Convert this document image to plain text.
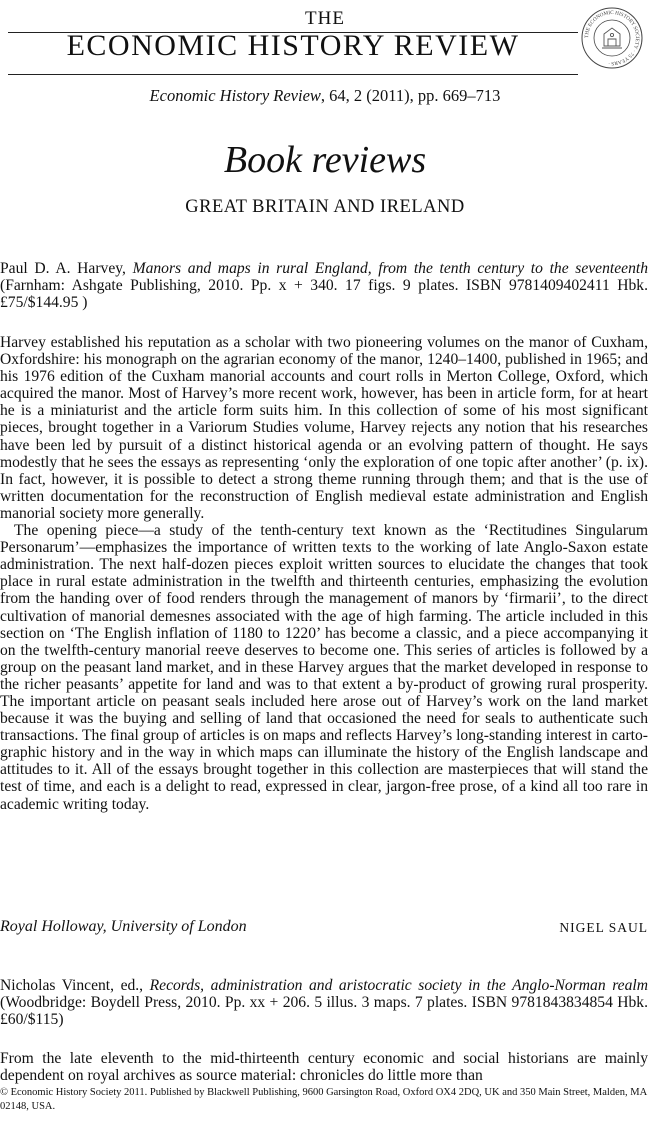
THE
ECONOMIC HISTORY REVIEW	THE ECONOMIC HISTORY SOCIETY · 75 YEARS ·
Economic History Review, 64, 2 (2011), pp. 669–713
Book reviews
GREAT BRITAIN AND IRELAND
Paul D. A. Harvey, Manors and maps in rural England, from the tenth century to the seventeenth (Farnham: Ashgate Publishing, 2010. Pp. x + 340. 17 figs. 9 plates. ISBN 9781409402411 Hbk. £75/$144.95 )

Harvey established his reputation as a scholar with two pioneering volumes on the manor of Cuxham, Oxfordshire: his monograph on the agrarian economy of the manor, 1240–1400, published in 1965; and his 1976 edition of the Cuxham manorial accounts and court rolls in Merton College, Oxford, which acquired the manor. Most of Harvey’s more recent work, however, has been in article form, for at heart he is a miniaturist and the article form suits him. In this collection of some of his most significant pieces, brought together in a Variorum Studies volume, Harvey rejects any notion that his researches have been led by pursuit of a distinct historical agenda or an evolving pattern of thought. He says modestly that he sees the essays as representing ‘only the exploration of one topic after another’ (p. ix). In fact, however, it is possible to detect a strong theme running through them; and that is the use of written documentation for the reconstruction of English medieval estate administration and English manorial society more generally.

The opening piece—a study of the tenth-century text known as the ‘Rectitudines Singularum Personarum’—emphasizes the importance of written texts to the working of late Anglo-Saxon estate administration. The next half-dozen pieces exploit written sources to elucidate the changes that took place in rural estate administration in the twelfth and thirteenth centuries, emphasizing the evolution from the handing over of food renders through the management of manors by ‘firmarii’, to the direct cultivation of manorial demesnes associated with the age of high farming. The article included in this section on ‘The English inflation of 1180 to 1220’ has become a classic, and a piece accompanying it on the twelfth-century manorial reeve deserves to become one. This series of articles is followed by a group on the peasant land market, and in these Harvey argues that the market developed in response to the richer peasants’ appetite for land and was to that extent a by-product of growing rural prosperity. The important article on peasant seals included here arose out of Harvey’s work on the land market because it was the buying and selling of land that occasioned the need for seals to authenticate such transactions. The final group of articles is on maps and reflects Harvey’s long-standing interest in carto-graphic history and in the way in which maps can illuminate the history of the English landscape and attitudes to it. All of the essays brought together in this collection are masterpieces that will stand the test of time, and each is a delight to read, expressed in clear, jargon-free prose, of a kind all too rare in academic writing today.

Royal Holloway, University of London	NIGEL SAUL
Nicholas Vincent, ed., Records, administration and aristocratic society in the Anglo-Norman realm (Woodbridge: Boydell Press, 2010. Pp. xx + 206. 5 illus. 3 maps. 7 plates. ISBN 9781843834854 Hbk. £60/$115)

From the late eleventh to the mid-thirteenth century economic and social historians are mainly dependent on royal archives as source material: chronicles do little more than

© Economic History Society 2011. Published by Blackwell Publishing, 9600 Garsington Road, Oxford OX4 2DQ, UK and 350 Main Street, Malden, MA 02148, USA.
